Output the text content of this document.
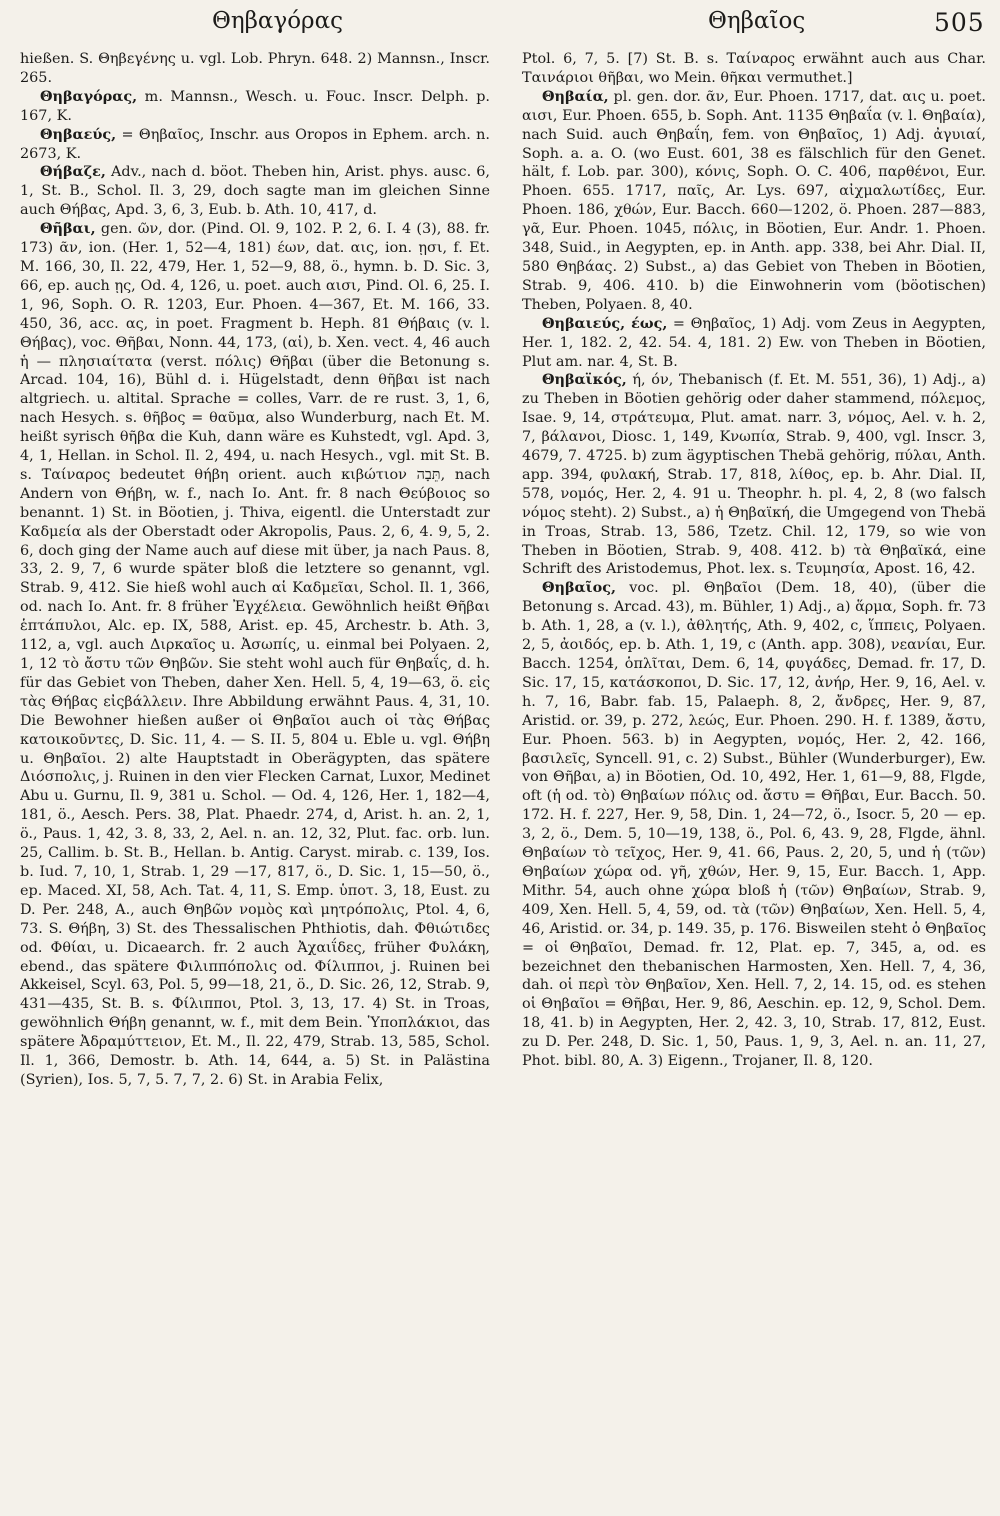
Θηβαγόρας	Θηβαῖος	505

hießen. S. Θηβεγένης u. vgl. Lob. Phryn. 648. 2) Mannsn., Inscr. 265.

Θηβαγόρας, m. Mannsn., Wesch. u. Fouc. Inscr. Delph. p. 167, K.

Θηβαεύς, = Θηβαῖος, Inschr. aus Oropos in Ephem. arch. n. 2673, K.

Θήβαζε, Adv., nach d. böot. Theben hin, Arist. phys. ausc. 6, 1, St. B., Schol. Il. 3, 29, doch sagte man im gleichen Sinne auch Θήβας, Apd. 3, 6, 3, Eub. b. Ath. 10, 417, d.

Θῆβαι, gen. ῶν, dor. (Pind. Ol. 9, 102. P. 2, 6. I. 4 (3), 88. fr. 173) ᾶν, ion. (Her. 1, 52—4, 181) έων, dat. αις, ion. ῃσι, f. Et. M. 166, 30, Il. 22, 479, Her. 1, 52—9, 88, ö., hymn. b. D. Sic. 3, 66, ep. auch ῃς, Od. 4, 126, u. poet. auch αισι, Pind. Ol. 6, 25. I. 1, 96, Soph. O. R. 1203, Eur. Phoen. 4—367, Et. M. 166, 33. 450, 36, acc. ας, in poet. Fragment b. Heph. 81 Θήβαις (v. l. Θήβας), voc. Θῆβαι, Nonn. 44, 173, (αἱ), b. Xen. vect. 4, 46 auch ἡ — πλησιαίτατα (verst. πόλις) Θῆβαι (über die Betonung s. Arcad. 104, 16), Bühl d. i. Hügelstadt, denn θῆβαι ist nach altgriech. u. altital. Sprache = colles, Varr. de re rust. 3, 1, 6, nach Hesych. s. θῆβος = θαῦμα, also Wunderburg, nach Et. M. heißt syrisch θῆβα die Kuh, dann wäre es Kuhstedt, vgl. Apd. 3, 4, 1, Hellan. in Schol. Il. 2, 494, u. nach Hesych., vgl. mit St. B. s. Ταίναρος bedeutet θήβη orient. auch κιβώτιον תֵּבָה, nach Andern von Θήβη, w. f., nach Io. Ant. fr. 8 nach Θεύβοιος so benannt. 1) St. in Böotien, j. Thiva, eigentl. die Unterstadt zur Καδμεία als der Oberstadt oder Akropolis, Paus. 2, 6, 4. 9, 5, 2. 6, doch ging der Name auch auf diese mit über, ja nach Paus. 8, 33, 2. 9, 7, 6 wurde später bloß die letztere so genannt, vgl. Strab. 9, 412. Sie hieß wohl auch αἱ Καδμεῖαι, Schol. Il. 1, 366, od. nach Io. Ant. fr. 8 früher Ἐγχέλεια. Gewöhnlich heißt Θῆβαι ἑπτάπυλοι, Alc. ep. IX, 588, Arist. ep. 45, Archestr. b. Ath. 3, 112, a, vgl. auch Διρκαῖος u. Ἀσωπίς, u. einmal bei Polyaen. 2, 1, 12 τὸ ἄστυ τῶν Θηβῶν. Sie steht wohl auch für Θηβαΐς, d. h. für das Gebiet von Theben, daher Xen. Hell. 5, 4, 19—63, ö. εἰς τὰς Θήβας εἰςβάλλειν. Ihre Abbildung erwähnt Paus. 4, 31, 10. Die Bewohner hießen außer οἱ Θηβαῖοι auch οἱ τὰς Θήβας κατοικοῦντες, D. Sic. 11, 4. — S. II. 5, 804 u. Eble u. vgl. Θήβη u. Θηβαῖοι. 2) alte Hauptstadt in Oberägypten, das spätere Διόσπολις, j. Ruinen in den vier Flecken Carnat, Luxor, Medinet Abu u. Gurnu, Il. 9, 381 u. Schol. — Od. 4, 126, Her. 1, 182—4, 181, ö., Aesch. Pers. 38, Plat. Phaedr. 274, d, Arist. h. an. 2, 1, ö., Paus. 1, 42, 3. 8, 33, 2, Ael. n. an. 12, 32, Plut. fac. orb. lun. 25, Callim. b. St. B., Hellan. b. Antig. Caryst. mirab. c. 139, Ios. b. Iud. 7, 10, 1, Strab. 1, 29 —17, 817, ö., D. Sic. 1, 15—50, ö., ep. Maced. XI, 58, Ach. Tat. 4, 11, S. Emp. ὑποτ. 3, 18, Eust. zu D. Per. 248, A., auch Θηβῶν νομὸς καὶ μητρόπολις, Ptol. 4, 6, 73. S. Θήβη, 3) St. des Thessalischen Phthiotis, dah. Φθιώτιδες od. Φθίαι, u. Dicaearch. fr. 2 auch Ἀχαιΐδες, früher Φυλάκη, ebend., das spätere Φιλιππόπολις od. Φίλιπποι, j. Ruinen bei Akkeisel, Scyl. 63, Pol. 5, 99—18, 21, ö., D. Sic. 26, 12, Strab. 9, 431—435, St. B. s. Φίλιπποι, Ptol. 3, 13, 17. 4) St. in Troas, gewöhnlich Θήβη genannt, w. f., mit dem Bein. Ὑποπλάκιοι, das spätere Ἀδραμύττειον, Et. M., Il. 22, 479, Strab. 13, 585, Schol. Il. 1, 366, Demostr. b. Ath. 14, 644, a. 5) St. in Palästina (Syrien), Ios. 5, 7, 5. 7, 7, 2. 6) St. in Arabia Felix,

Ptol. 6, 7, 5. [7) St. B. s. Ταίναρος erwähnt auch aus Char. Ταινάριοι θῆβαι, wo Mein. θῆκαι vermuthet.]

Θηβαία, pl. gen. dor. ᾶν, Eur. Phoen. 1717, dat. αις u. poet. αισι, Eur. Phoen. 655, b. Soph. Ant. 1135 Θηβαΐα (v. l. Θηβαία), nach Suid. auch Θηβαΐη, fem. von Θηβαῖος, 1) Adj. ἀγυιαί, Soph. a. a. O. (wo Eust. 601, 38 es fälschlich für den Genet. hält, f. Lob. par. 300), κόνις, Soph. O. C. 406, παρθένοι, Eur. Phoen. 655. 1717, παῖς, Ar. Lys. 697, αἰχμαλωτίδες, Eur. Phoen. 186, χθών, Eur. Bacch. 660—1202, ö. Phoen. 287—883, γᾶ, Eur. Phoen. 1045, πόλις, in Böotien, Eur. Andr. 1. Phoen. 348, Suid., in Aegypten, ep. in Anth. app. 338, bei Ahr. Dial. II, 580 Θηβάας. 2) Subst., a) das Gebiet von Theben in Böotien, Strab. 9, 406. 410. b) die Einwohnerin vom (böotischen) Theben, Polyaen. 8, 40.

Θηβαιεύς, έως, = Θηβαῖος, 1) Adj. vom Zeus in Aegypten, Her. 1, 182. 2, 42. 54. 4, 181. 2) Ew. von Theben in Böotien, Plut am. nar. 4, St. B.

Θηβαϊκός, ή, όν, Thebanisch (f. Et. M. 551, 36), 1) Adj., a) zu Theben in Böotien gehörig oder daher stammend, πόλεμος, Isae. 9, 14, στράτευμα, Plut. amat. narr. 3, νόμος, Ael. v. h. 2, 7, βάλανοι, Diosc. 1, 149, Κνωπία, Strab. 9, 400, vgl. Inscr. 3, 4679, 7. 4725. b) zum ägyptischen Thebä gehörig, πύλαι, Anth. app. 394, φυλακή, Strab. 17, 818, λίθος, ep. b. Ahr. Dial. II, 578, νομός, Her. 2, 4. 91 u. Theophr. h. pl. 4, 2, 8 (wo falsch νόμος steht). 2) Subst., a) ἡ Θηβαϊκή, die Umgegend von Thebä in Troas, Strab. 13, 586, Tzetz. Chil. 12, 179, so wie von Theben in Böotien, Strab. 9, 408. 412. b) τὰ Θηβαϊκά, eine Schrift des Aristodemus, Phot. lex. s. Τευμησία, Apost. 16, 42.

Θηβαῖος, voc. pl. Θηβαῖοι (Dem. 18, 40), (über die Betonung s. Arcad. 43), m. Bühler, 1) Adj., a) ἅρμα, Soph. fr. 73 b. Ath. 1, 28, a (v. l.), ἀθλητής, Ath. 9, 402, c, ἵππεις, Polyaen. 2, 5, ἀοιδός, ep. b. Ath. 1, 19, c (Anth. app. 308), νεανίαι, Eur. Bacch. 1254, ὁπλῖται, Dem. 6, 14, φυγάδες, Demad. fr. 17, D. Sic. 17, 15, κατάσκοποι, D. Sic. 17, 12, ἀνήρ, Her. 9, 16, Ael. v. h. 7, 16, Babr. fab. 15, Palaeph. 8, 2, ἄνδρες, Her. 9, 87, Aristid. or. 39, p. 272, λεώς, Eur. Phoen. 290. H. f. 1389, ἄστυ, Eur. Phoen. 563. b) in Aegypten, νομός, Her. 2, 42. 166, βασιλεῖς, Syncell. 91, c. 2) Subst., Bühler (Wunderburger), Ew. von Θῆβαι, a) in Böotien, Od. 10, 492, Her. 1, 61—9, 88, Flgde, oft (ἡ od. τὸ) Θηβαίων πόλις od. ἄστυ = Θῆβαι, Eur. Bacch. 50. 172. H. f. 227, Her. 9, 58, Din. 1, 24—72, ö., Isocr. 5, 20 — ep. 3, 2, ö., Dem. 5, 10—19, 138, ö., Pol. 6, 43. 9, 28, Flgde, ähnl. Θηβαίων τὸ τεῖχος, Her. 9, 41. 66, Paus. 2, 20, 5, und ἡ (τῶν) Θηβαίων χώρα od. γῆ, χθών, Her. 9, 15, Eur. Bacch. 1, App. Mithr. 54, auch ohne χώρα bloß ἡ (τῶν) Θηβαίων, Strab. 9, 409, Xen. Hell. 5, 4, 59, od. τὰ (τῶν) Θηβαίων, Xen. Hell. 5, 4, 46, Aristid. or. 34, p. 149. 35, p. 176. Bisweilen steht ὁ Θηβαῖος = οἱ Θηβαῖοι, Demad. fr. 12, Plat. ep. 7, 345, a, od. es bezeichnet den thebanischen Harmosten, Xen. Hell. 7, 4, 36, dah. οἱ περὶ τὸν Θηβαῖον, Xen. Hell. 7, 2, 14. 15, od. es stehen οἱ Θηβαῖοι = Θῆβαι, Her. 9, 86, Aeschin. ep. 12, 9, Schol. Dem. 18, 41. b) in Aegypten, Her. 2, 42. 3, 10, Strab. 17, 812, Eust. zu D. Per. 248, D. Sic. 1, 50, Paus. 1, 9, 3, Ael. n. an. 11, 27, Phot. bibl. 80, A. 3) Eigenn., Trojaner, Il. 8, 120.
